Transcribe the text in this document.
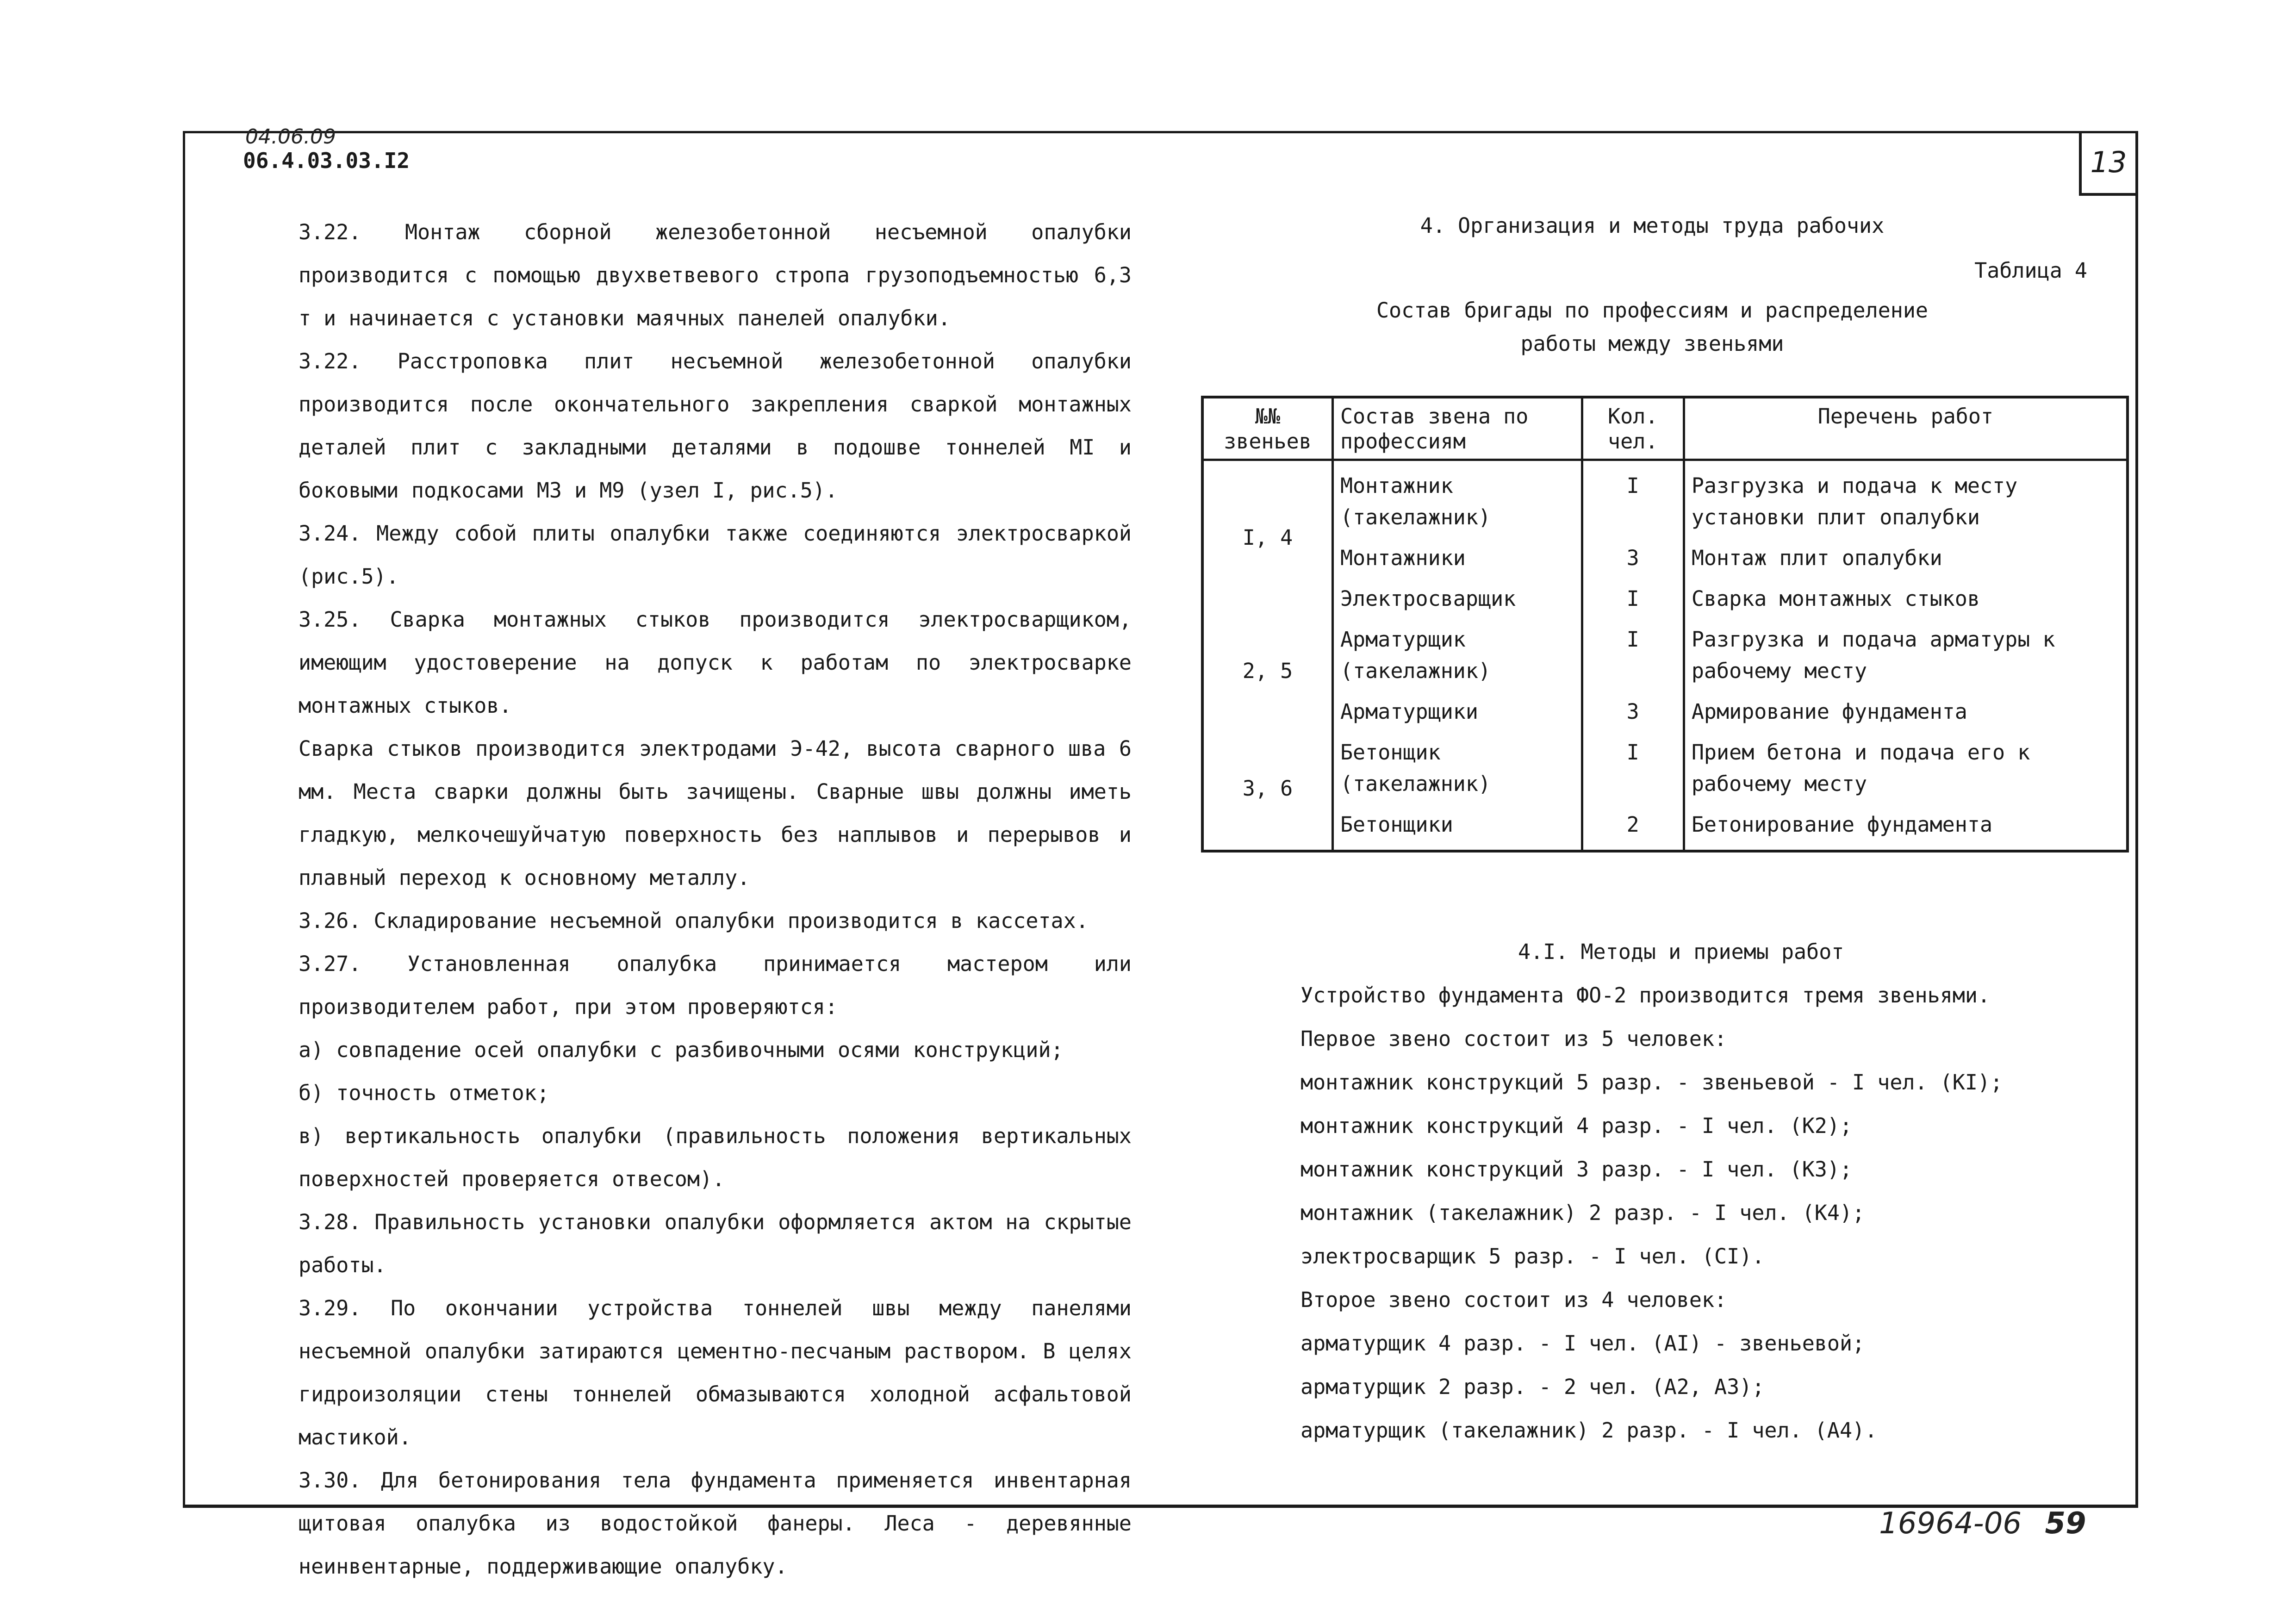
04.06.09
06.4.03.03.I2	13

3.22. Монтаж сборной железобетонной несъемной опалубки производится с помощью двухветвевого стропа грузоподъемностью 6,3 т и начинается с установки маячных панелей опалубки.

3.22. Расстроповка плит несъемной железобетонной опалубки производится после окончательного закрепления сваркой монтажных деталей плит с закладными деталями в подошве тоннелей МI и боковыми подкосами М3 и М9 (узел I, рис.5).

3.24. Между собой плиты опалубки также соединяются электросваркой (рис.5).

3.25. Сварка монтажных стыков производится электросварщиком, имеющим удостоверение на допуск к работам по электросварке монтажных стыков.

Сварка стыков производится электродами Э-42, высота сварного шва 6 мм. Места сварки должны быть зачищены. Сварные швы должны иметь гладкую, мелкочешуйчатую поверхность без наплывов и перерывов и плавный переход к основному металлу.

3.26. Складирование несъемной опалубки производится в кассетах.

3.27. Установленная опалубка принимается мастером или производителем работ, при этом проверяются:

а) совпадение осей опалубки с разбивочными осями конструкций;

б) точность отметок;

в) вертикальность опалубки (правильность положения вертикальных поверхностей проверяется отвесом).

3.28. Правильность установки опалубки оформляется актом на скрытые работы.

3.29. По окончании устройства тоннелей швы между панелями несъемной опалубки затираются цементно-песчаным раствором. В целях гидроизоляции стены тоннелей обмазываются холодной асфальтовой мастикой.

3.30. Для бетонирования тела фундамента применяется инвентарная щитовая опалубка из водостойкой фанеры. Леса - деревянные неинвентарные, поддерживающие опалубку.

4. Организация и методы труда рабочих
Таблица 4
Состав бригады по профессиям и распределение
работы между звеньями
№№ звеньев	Состав звена по профессиям	Кол. чел.	Перечень работ
I, 4	Монтажник (такелажник)	I	Разгрузка и подача к месту установки плит опалубки
	Монтажники	3	Монтаж плит опалубки
	Электросварщик	I	Сварка монтажных стыков
2, 5	Арматурщик (такелажник)	I	Разгрузка и подача арматуры к рабочему месту
	Арматурщики	3	Армирование фундамента
3, 6	Бетонщик (такелажник)	I	Прием бетона и подача его к рабочему месту
	Бетонщики	2	Бетонирование фундамента

4.I. Методы и приемы работ

Устройство фундамента ФО-2 производится тремя звеньями.

Первое звено состоит из 5 человек:

монтажник конструкций 5 разр. - звеньевой - I чел. (КI);

монтажник конструкций 4 разр. - I чел. (К2);

монтажник конструкций 3 разр. - I чел. (К3);

монтажник (такелажник) 2 разр. - I чел. (К4);

электросварщик 5 разр. - I чел. (СI).

Второе звено состоит из 4 человек:

арматурщик 4 разр. - I чел. (АI) - звеньевой;

арматурщик 2 разр. - 2 чел. (А2, А3);

арматурщик (такелажник) 2 разр. - I чел. (А4).

16964-06 59
